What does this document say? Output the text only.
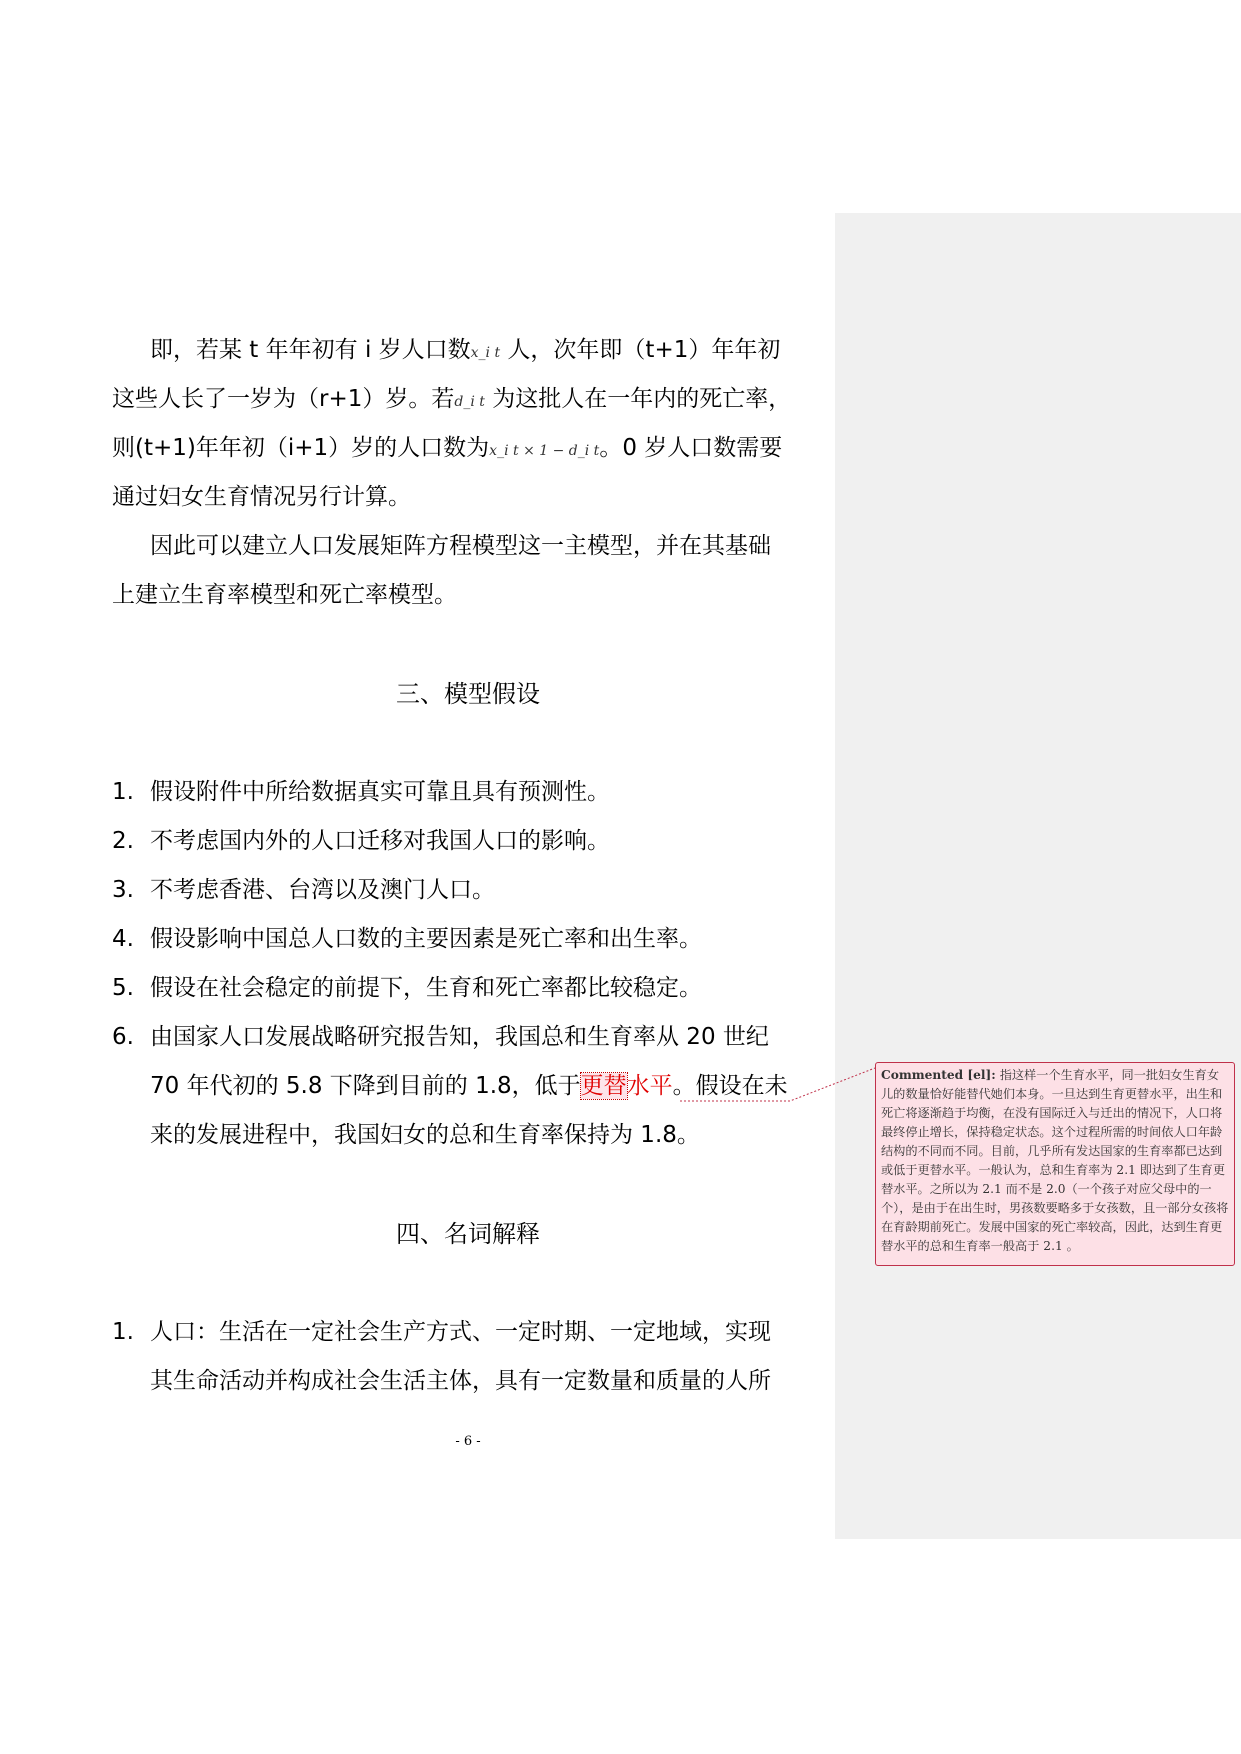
即，若某 t 年年初有 i 岁人口数x_i t 人，次年即（t+1）年年初
这些人长了一岁为（r+1）岁。若d_i t 为这批人在一年内的死亡率，
则(t+1)年年初（i+1）岁的人口数为x_i t × 1 − d_i t。0 岁人口数需要
通过妇女生育情况另行计算。
因此可以建立人口发展矩阵方程模型这一主模型，并在其基础
上建立生育率模型和死亡率模型。
三、模型假设
1. 假设附件中所给数据真实可靠且具有预测性。
2. 不考虑国内外的人口迁移对我国人口的影响。
3. 不考虑香港、台湾以及澳门人口。
4. 假设影响中国总人口数的主要因素是死亡率和出生率。
5. 假设在社会稳定的前提下，生育和死亡率都比较稳定。
6. 由国家人口发展战略研究报告知，我国总和生育率从 20 世纪
70 年代初的 5.8 下降到目前的 1.8，低于更替水平。假设在未
来的发展进程中，我国妇女的总和生育率保持为 1.8。
四、名词解释
1. 人口：生活在一定社会生产方式、一定时期、一定地域，实现
其生命活动并构成社会生活主体，具有一定数量和质量的人所
- 6 -
Commented [el]: 指这样一个生育水平，同一批妇女生育女儿的数量恰好能替代她们本身。一旦达到生育更替水平，出生和死亡将逐渐趋于均衡，在没有国际迁入与迁出的情况下，人口将最终停止增长，保持稳定状态。这个过程所需的时间依人口年龄结构的不同而不同。目前，几乎所有发达国家的生育率都已达到或低于更替水平。一般认为，总和生育率为 2.1 即达到了生育更替水平。之所以为 2.1 而不是 2.0（一个孩子对应父母中的一个），是由于在出生时，男孩数要略多于女孩数，且一部分女孩将在育龄期前死亡。发展中国家的死亡率较高，因此，达到生育更替水平的总和生育率一般高于 2.1 。
